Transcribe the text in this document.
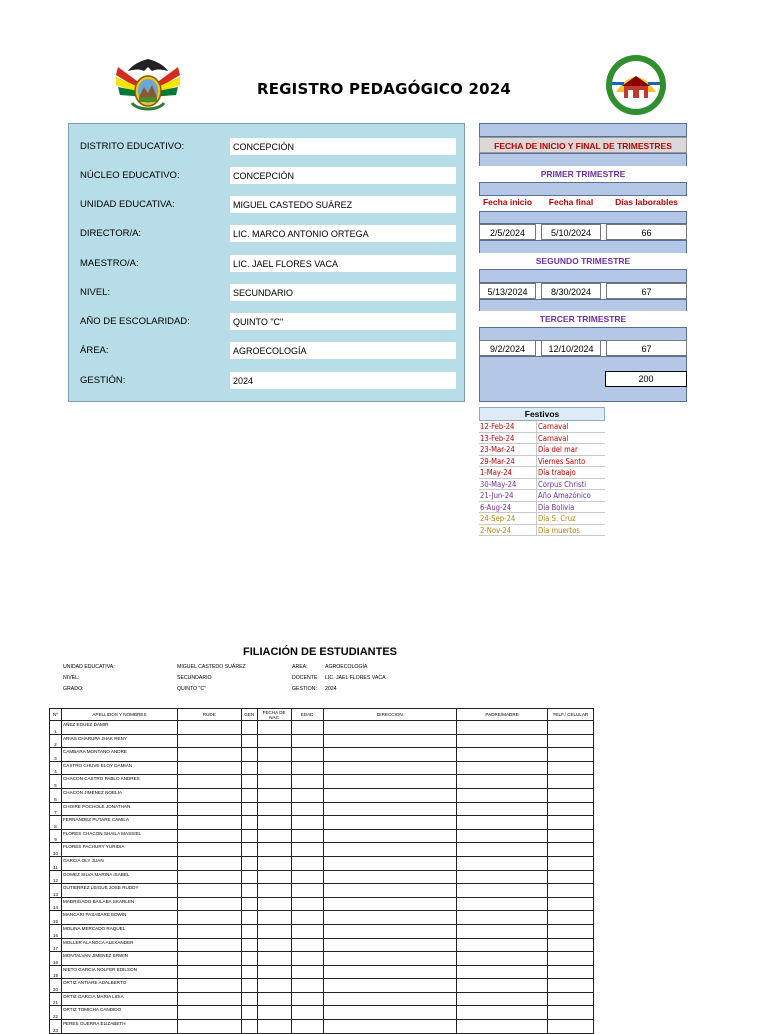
REGISTRO PEDAGÓGICO 2024
DISTRITO EDUCATIVO:	CONCEPCIÓN
NÚCLEO EDUCATIVO:	CONCEPCIÓN
UNIDAD EDUCATIVA:	MIGUEL CASTEDO SUÁREZ
DIRECTOR/A:	LIC. MARCO ANTONIO ORTEGA
MAESTRO/A:	LIC. JAEL FLORES VACA
NIVEL:	SECUNDARIO
AÑO DE ESCOLARIDAD:	QUINTO "C"
ÁREA:	AGROECOLOGÍA
GESTIÓN:	2024
FECHA DE INICIO Y FINAL DE TRIMESTRES
PRIMER TRIMESTRE
Fecha inicio	Fecha final	Días laborables
2/5/2024	5/10/2024	66
SEGUNDO TRIMESTRE
5/13/2024	8/30/2024	67
TERCER TRIMESTRE
9/2/2024	12/10/2024	67
200
Festivos
12-Feb-24	Carnaval
13-Feb-24	Carnaval
23-Mar-24	Día del mar
29-Mar-24	Viernes Santo
1-May-24	Día trabajo
30-May-24	Corpus Christi
21-Jun-24	Año Amazónico
6-Aug-24	Día Bolivia
24-Sep-24	Día S. Cruz
2-Nov-24	Día muertos
FILIACIÓN DE ESTUDIANTES
UNIDAD EDUCATIVA:	MIGUEL CASTEDO SUÁREZ
NIVEL:	SECUNDARIO
GRADO:	QUINTO "C"
AREA:	AGROECOLOGÍA
DOCENTE: LIC. JAEL FLORES VACA
GESTION: 2024
Nº	APELLIDOS Y NOMBRES	RUDE	GEN	FECHA DE NAC	EDAD	DIRECCION	PADRE/MADRE	TELF./ CELULAR
1	AÑEZ EGUEZ DAMIR							
2	ARIAS CHARUPA JHAK RENY							
3	CAMBARA MONTANO ANDRE							
4	CASTRO CHUVE ELOY DAMIAN							
5	CHACON CASTRO PABLO ANDRES							
6	CHACON JIMENEZ NOELIA							
7	CHOIRE POCHOLE JONATHAN							
8	FERNANDEZ PUTARE CAMILA							
9	FLORES CHACON SHAILA MASSIEL							
10	FLORES PACHURY YURIDIA							
11	GARCIA OLY JUAN							
12	GOMEZ SILVA MARINA ISABEL							
13	GUTIERREZ LEIGUE JOSE RUDDY							
14	MADRIGADO BAILABA SKARLEN							
15	MANCARI PASABARE EDWIN							
16	MOLINA MERCADO RAQUEL							
17	MOLLER ALANOCA ALEXANDER							
18	MONTALVAN JIMENEZ ERWIN							
19	NIETO GARCIA NOLFER EDILSON							
20	ORTIZ ANTIARE ADALBERTO							
21	ORTIZ GARCIA MARIA LIDIA							
22	ORTIZ TOMICHA CANDIDO							
23	PERES GUERRA ELIZABETH							
